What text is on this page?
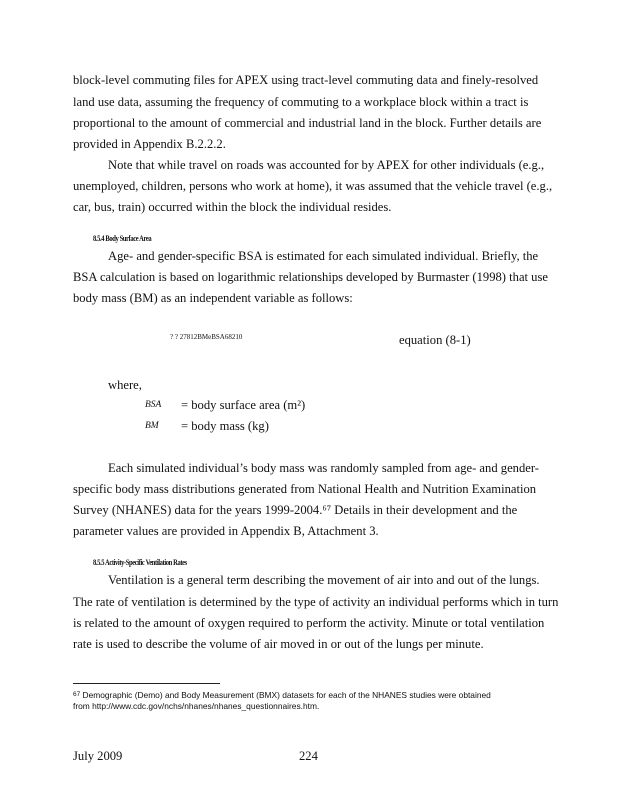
block-level commuting files for APEX using tract-level commuting data and finely-resolved
land use data, assuming the frequency of commuting to a workplace block within a tract is
proportional to the amount of commercial and industrial land in the block. Further details are
provided in Appendix B.2.2.2.
Note that while travel on roads was accounted for by APEX for other individuals (e.g.,
unemployed, children, persons who work at home), it was assumed that the vehicle travel (e.g.,
car, bus, train) occurred within the block the individual resides.
8.5.4 Body Surface Area
Age- and gender-specific BSA is estimated for each simulated individual. Briefly, the
BSA calculation is based on logarithmic relationships developed by Burmaster (1998) that use
body mass (BM) as an independent variable as follows:
? ? 27812BMeBSA68210	equation (8-1)
where,
BSA = body surface area (m²)
BM = body mass (kg)
Each simulated individual’s body mass was randomly sampled from age- and gender-
specific body mass distributions generated from National Health and Nutrition Examination
Survey (NHANES) data for the years 1999-2004.⁶⁷ Details in their development and the
parameter values are provided in Appendix B, Attachment 3.
8.5.5 Activity-Specific Ventilation Rates
Ventilation is a general term describing the movement of air into and out of the lungs.
The rate of ventilation is determined by the type of activity an individual performs which in turn
is related to the amount of oxygen required to perform the activity. Minute or total ventilation
rate is used to describe the volume of air moved in or out of the lungs per minute.
$^{67}$ Demographic (Demo) and Body Measurement (BMX) datasets for each of the NHANES studies were obtained
from http://www.cdc.gov/nchs/nhanes/nhanes_questionnaires.htm.
July 2009	224
